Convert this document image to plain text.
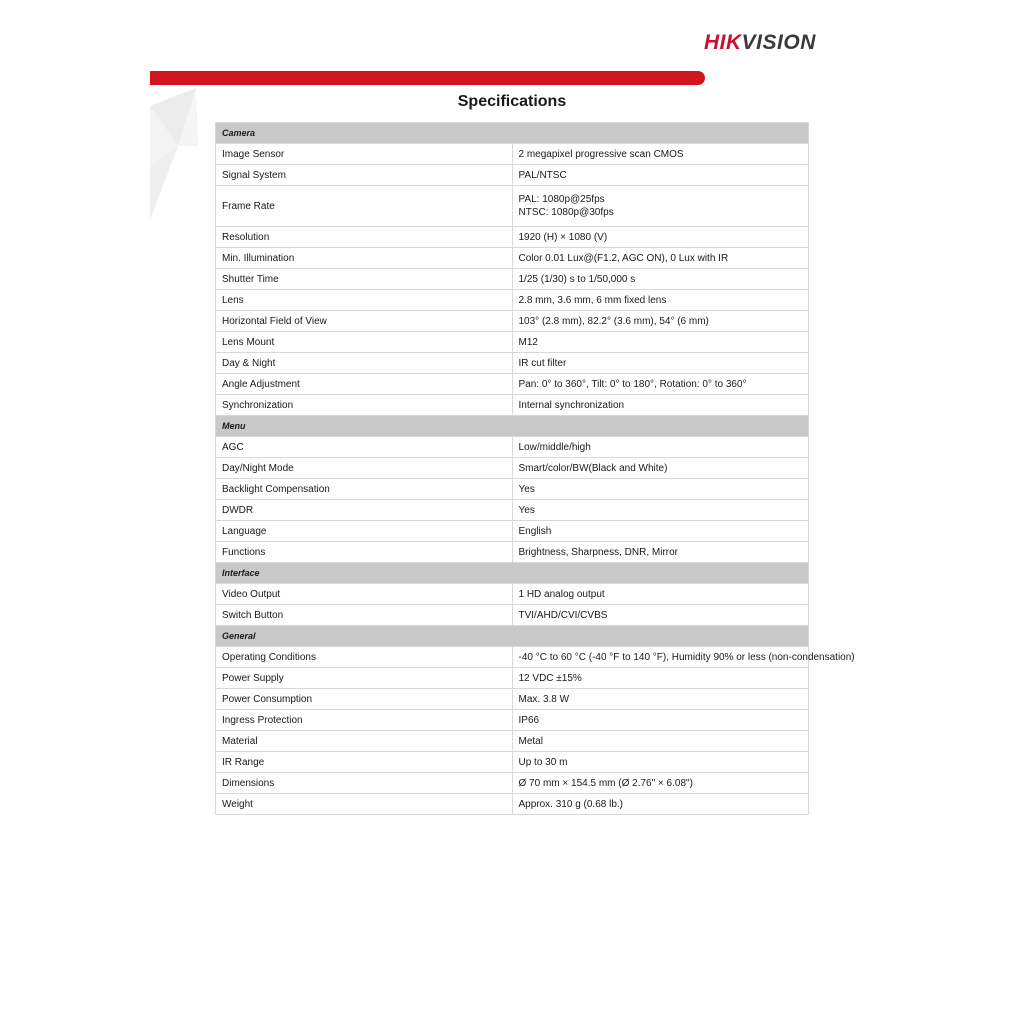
HIKVISION
Specifications
Camera	
Image Sensor	2 megapixel progressive scan CMOS

Signal System	PAL/NTSC

Frame Rate	PAL: 1080p@25fps
NTSC: 1080p@30fps

Resolution	1920 (H) × 1080 (V)

Min. Illumination	Color 0.01 Lux@(F1.2, AGC ON), 0 Lux with IR

Shutter Time	1/25 (1/30) s to 1/50,000 s

Lens	2.8 mm, 3.6 mm, 6 mm fixed lens

Horizontal Field of View	103° (2.8 mm), 82.2° (3.6 mm), 54° (6 mm)

Lens Mount	M12

Day & Night	IR cut filter

Angle Adjustment	Pan: 0° to 360°, Tilt: 0° to 180°, Rotation: 0° to 360°

Synchronization	Internal synchronization

Menu	
AGC	Low/middle/high

Day/Night Mode	Smart/color/BW(Black and White)

Backlight Compensation	Yes

DWDR	Yes

Language	English

Functions	Brightness, Sharpness, DNR, Mirror

Interface	
Video Output	1 HD analog output

Switch Button	TVI/AHD/CVI/CVBS

General	
Operating Conditions	-40 °C to 60 °C (-40 °F to 140 °F), Humidity 90% or less (non-condensation)

Power Supply	12 VDC ±15%

Power Consumption	Max. 3.8 W

Ingress Protection	IP66

Material	Metal

IR Range	Up to 30 m

Dimensions	Ø 70 mm × 154.5 mm (Ø 2.76" × 6.08")

Weight	Approx. 310 g (0.68 lb.)
